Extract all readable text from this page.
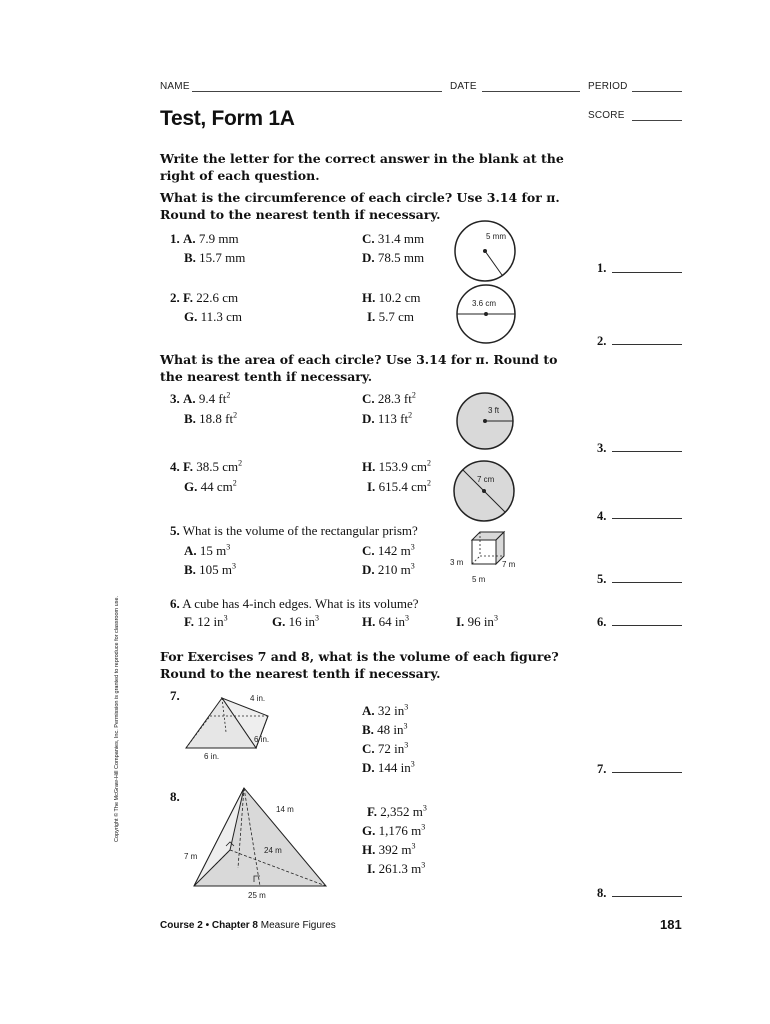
Copyright © The McGraw-Hill Companies, Inc. Permission is granted to reproduce for classroom use.
NAME	DATE	PERIOD
Test, Form 1A	SCORE
Write the letter for the correct answer in the blank at the right of each question.
What is the circumference of each circle? Use 3.14 for π. Round to the nearest tenth if necessary.
1. A. 7.9 mm
B. 15.7 mm
C. 31.4 mm
D. 78.5 mm
5 mm
1.
2. F. 22.6 cm
G. 11.3 cm
H. 10.2 cm
I. 5.7 cm
3.6 cm
2.
What is the area of each circle? Use 3.14 for π. Round to the nearest tenth if necessary.
3. A. 9.4 $ft^2$
B. 18.8 $ft^2$
C. 28.3 $ft^2$
D. 113 $ft^2$
3 ft
3.
4. F. 38.5 $cm^2$
G. 44 $cm^2$
H. 153.9 $cm^2$
I. 615.4 $cm^2$	7 cm
4.
5. What is the volume of the rectangular prism?
A. 15 $m^3$
B. 105 $m^3$
C. 142 $m^3$
D. 210 $m^3$	3 m	7 m
5 m	5.
6. A cube has 4-inch edges. What is its volume?
F. 12 $in^3$	G. 16 $in^3$	H. 64 $in^3$	I. 96 $in^3$	6.
For Exercises 7 and 8, what is the volume of each figure? Round to the nearest tenth if necessary.
7.	4 in.
6 in.
6 in.
A. 32 $in^3$
B. 48 $in^3$
C. 72 $in^3$
D. 144 $in^3$	7.
8.
14 m
7 m
24 m
25 m
F. 2,352 $m^3$
G. 1,176 $m^3$
H. 392 $m^3$
I. 261.3 $m^3$
8.
Course 2 • Chapter 8 Measure Figures	181
